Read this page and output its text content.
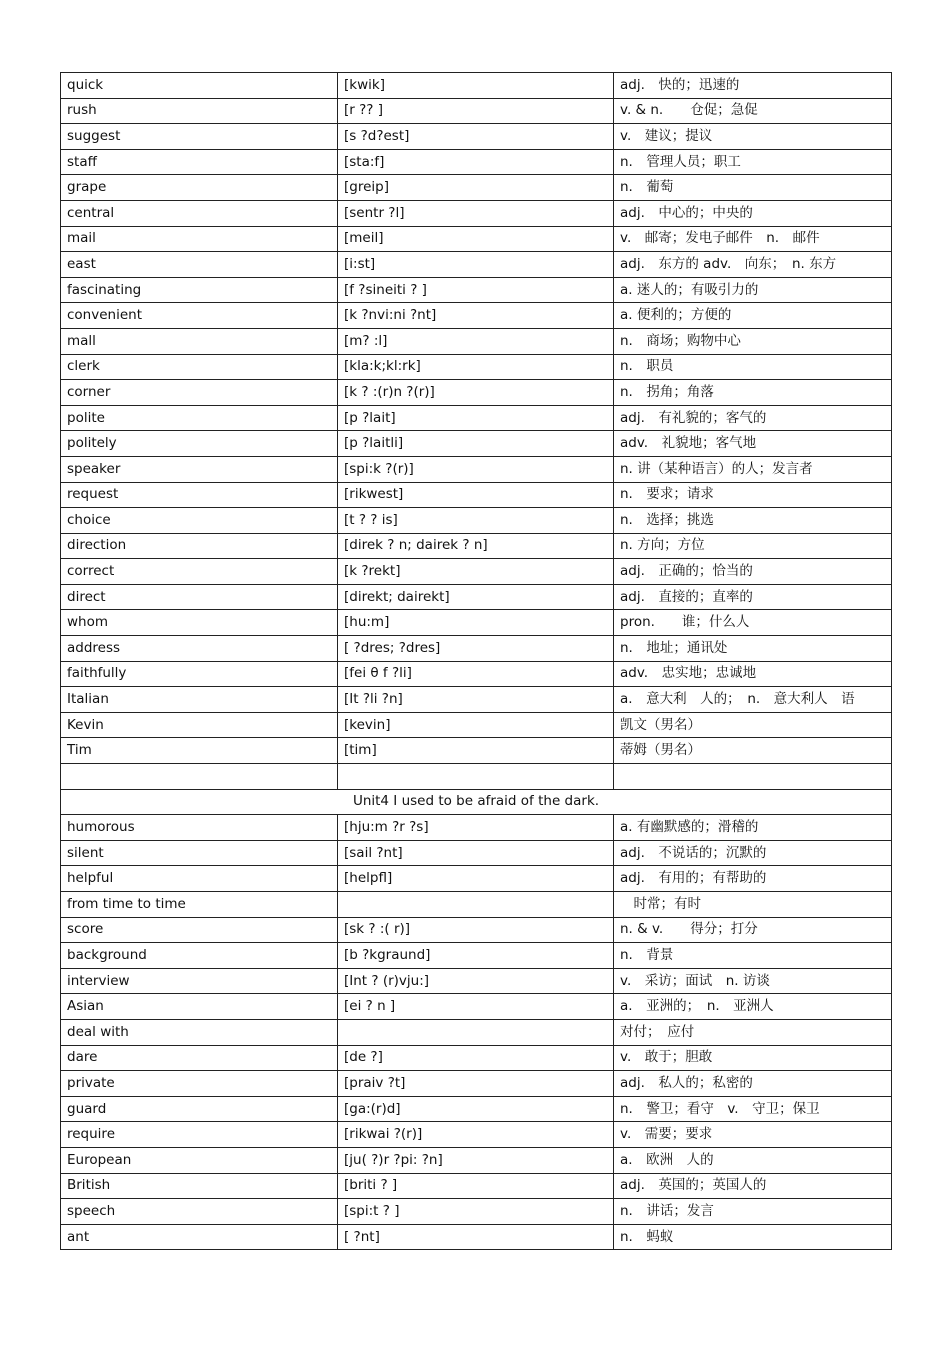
quick	[kwik]	adj.　快的；迅速的
rush	[r ?? ]	v. & n.　　仓促；急促
suggest	[s ?d?est]	v.　建议；提议
staff	[sta:f]	n.　管理人员；职工
grape	[greip]	n.　葡萄
central	[sentr ?l]	adj.　中心的；中央的
mail	[meil]	v.　邮寄；发电子邮件　n.　邮件
east	[i:st]	adj.　东方的 adv.　向东；　n. 东方
fascinating	[f ?sineiti ? ]	a. 迷人的；有吸引力的
convenient	[k ?nvi:ni ?nt]	a. 便利的；方便的
mall	[m? :l]	n.　商场；购物中心
clerk	[kla:k;kl:rk]	n.　职员
corner	[k ? :(r)n ?(r)]	n.　拐角；角落
polite	[p ?lait]	adj.　有礼貌的；客气的
politely	[p ?laitli]	adv.　礼貌地；客气地
speaker	[spi:k ?(r)]	n. 讲（某种语言）的人；发言者
request	[rikwest]	n.　要求；请求
choice	[t ? ? is]	n.　选择；挑选
direction	[direk ? n; dairek ? n]	n. 方向；方位
correct	[k ?rekt]	adj.　正确的；恰当的
direct	[direkt; dairekt]	adj.　直接的；直率的
whom	[hu:m]	pron.　　谁；什么人
address	[ ?dres; ?dres]	n.　地址；通讯处
faithfully	[fei θ f ?li]	adv.　忠实地；忠诚地
Italian	[It ?li ?n]	a.　意大利　人的；　n.　意大利人　语
Kevin	[kevin]	凯文（男名）
Tim	[tim]	蒂姆（男名）

Unit4 I used to be afraid of the dark.		
humorous	[hju:m ?r ?s]	a. 有幽默感的；滑稽的
silent	[sail ?nt]	adj.　不说话的；沉默的
helpful	[helpfl]	adj.　有用的；有帮助的
from time to time		　时常；有时
score	[sk ? :( r)]	n. & v.　　得分；打分
background	[b ?kgraund]	n.　背景
interview	[Int ? (r)vju:]	v.　采访；面试　n. 访谈
Asian	[ei ? n ]	a.　亚洲的；　n.　亚洲人
deal with		对付；　应付
dare	[de ?]	v.　敢于；胆敢
private	[praiv ?t]	adj.　私人的；私密的
guard	[ga:(r)d]	n.　警卫；看守　v.　守卫；保卫
require	[rikwai ?(r)]	v.　需要；要求
European	[ju( ?)r ?pi: ?n]	a.　欧洲　人的
British	[briti ? ]	adj.　英国的；英国人的
speech	[spi:t ? ]	n.　讲话；发言
ant	[ ?nt]	n.　蚂蚁
